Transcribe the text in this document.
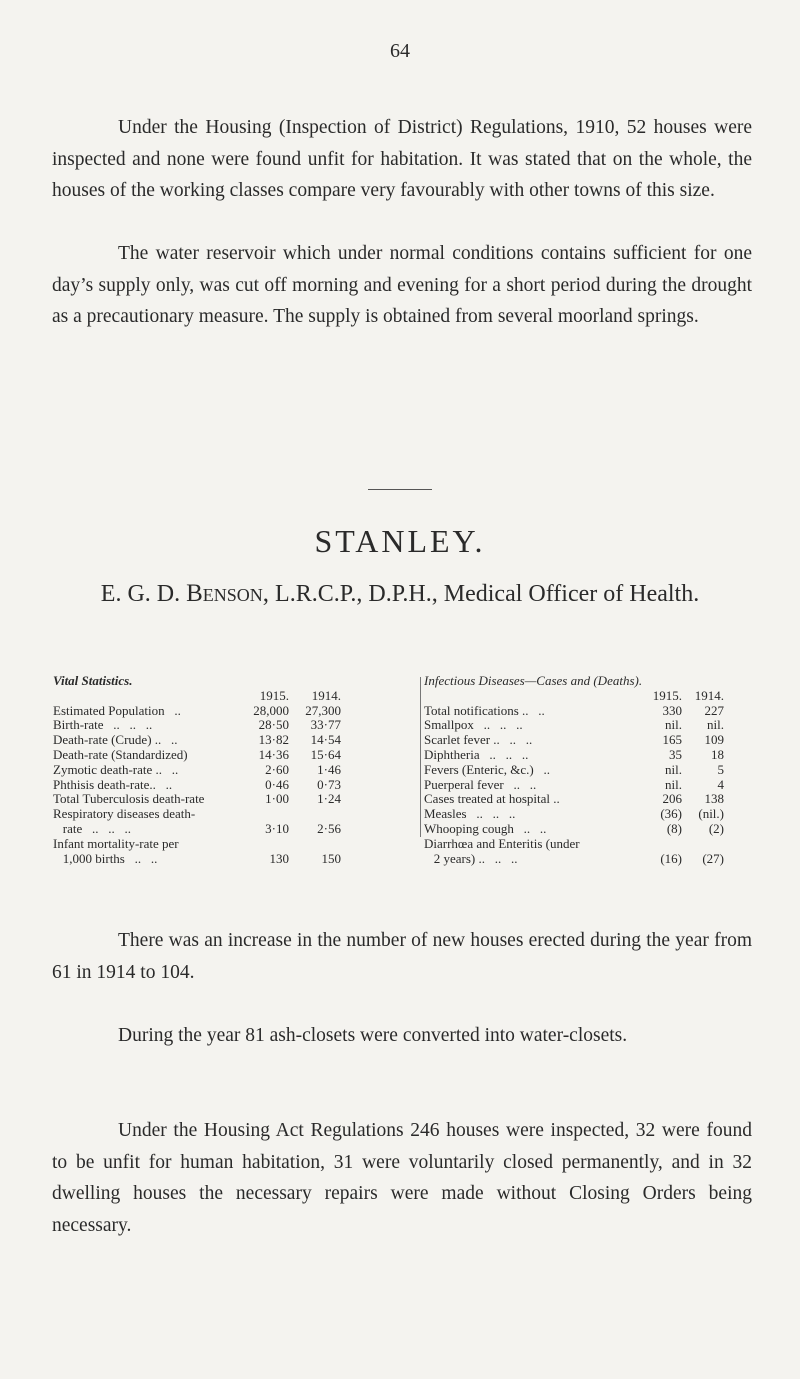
64

Under the Housing (Inspection of District) Regulations, 1910, 52 houses were inspected and none were found unfit for habitation. It was stated that on the whole, the houses of the working classes compare very favourably with other towns of this size.

The water reservoir which under normal conditions contains sufficient for one day’s supply only, was cut off morning and evening for a short period during the drought as a precautionary measure. The supply is obtained from several moorland springs.

STANLEY.
E. G. D. Benson, L.R.C.P., D.P.H., Medical Officer of Health.
Vital Statistics.
1915.	1914.
Estimated Population   ..	28,000	27,300
Birth-rate   ..   ..   ..	28·50	33·77
Death-rate (Crude) ..   ..	13·82	14·54
Death-rate (Standardized)	14·36	15·64
Zymotic death-rate ..   ..	2·60	1·46
Phthisis death-rate..   ..	0·46	0·73
Total Tuberculosis death-rate	1·00	1·24
Respiratory diseases death-
rate   ..   ..   ..	3·10	2·56
Infant mortality-rate per
1,000 births   ..   ..	130	150
Infectious Diseases—Cases and (Deaths).
1915. 1914.
Total notifications ..   ..	330	227
Smallpox   ..   ..   ..	nil.	nil.
Scarlet fever ..   ..   ..	165	109
Diphtheria   ..   ..   ..	35	18
Fevers (Enteric, &c.)   ..	nil.	5
Puerperal fever   ..   ..	nil.	4
Cases treated at hospital ..	206	138
Measles   ..   ..   ..	(36)	(nil.)
Whooping cough   ..   ..	(8)	(2)
Diarrhœa and Enteritis (under
2 years) ..   ..   ..	(16)	(27)

There was an increase in the number of new houses erected during the year from 61 in 1914 to 104.

During the year 81 ash-closets were converted into water-closets.

Under the Housing Act Regulations 246 houses were inspected, 32 were found to be unfit for human habitation, 31 were voluntarily closed permanently, and in 32 dwelling houses the necessary repairs were made without Closing Orders being necessary.
